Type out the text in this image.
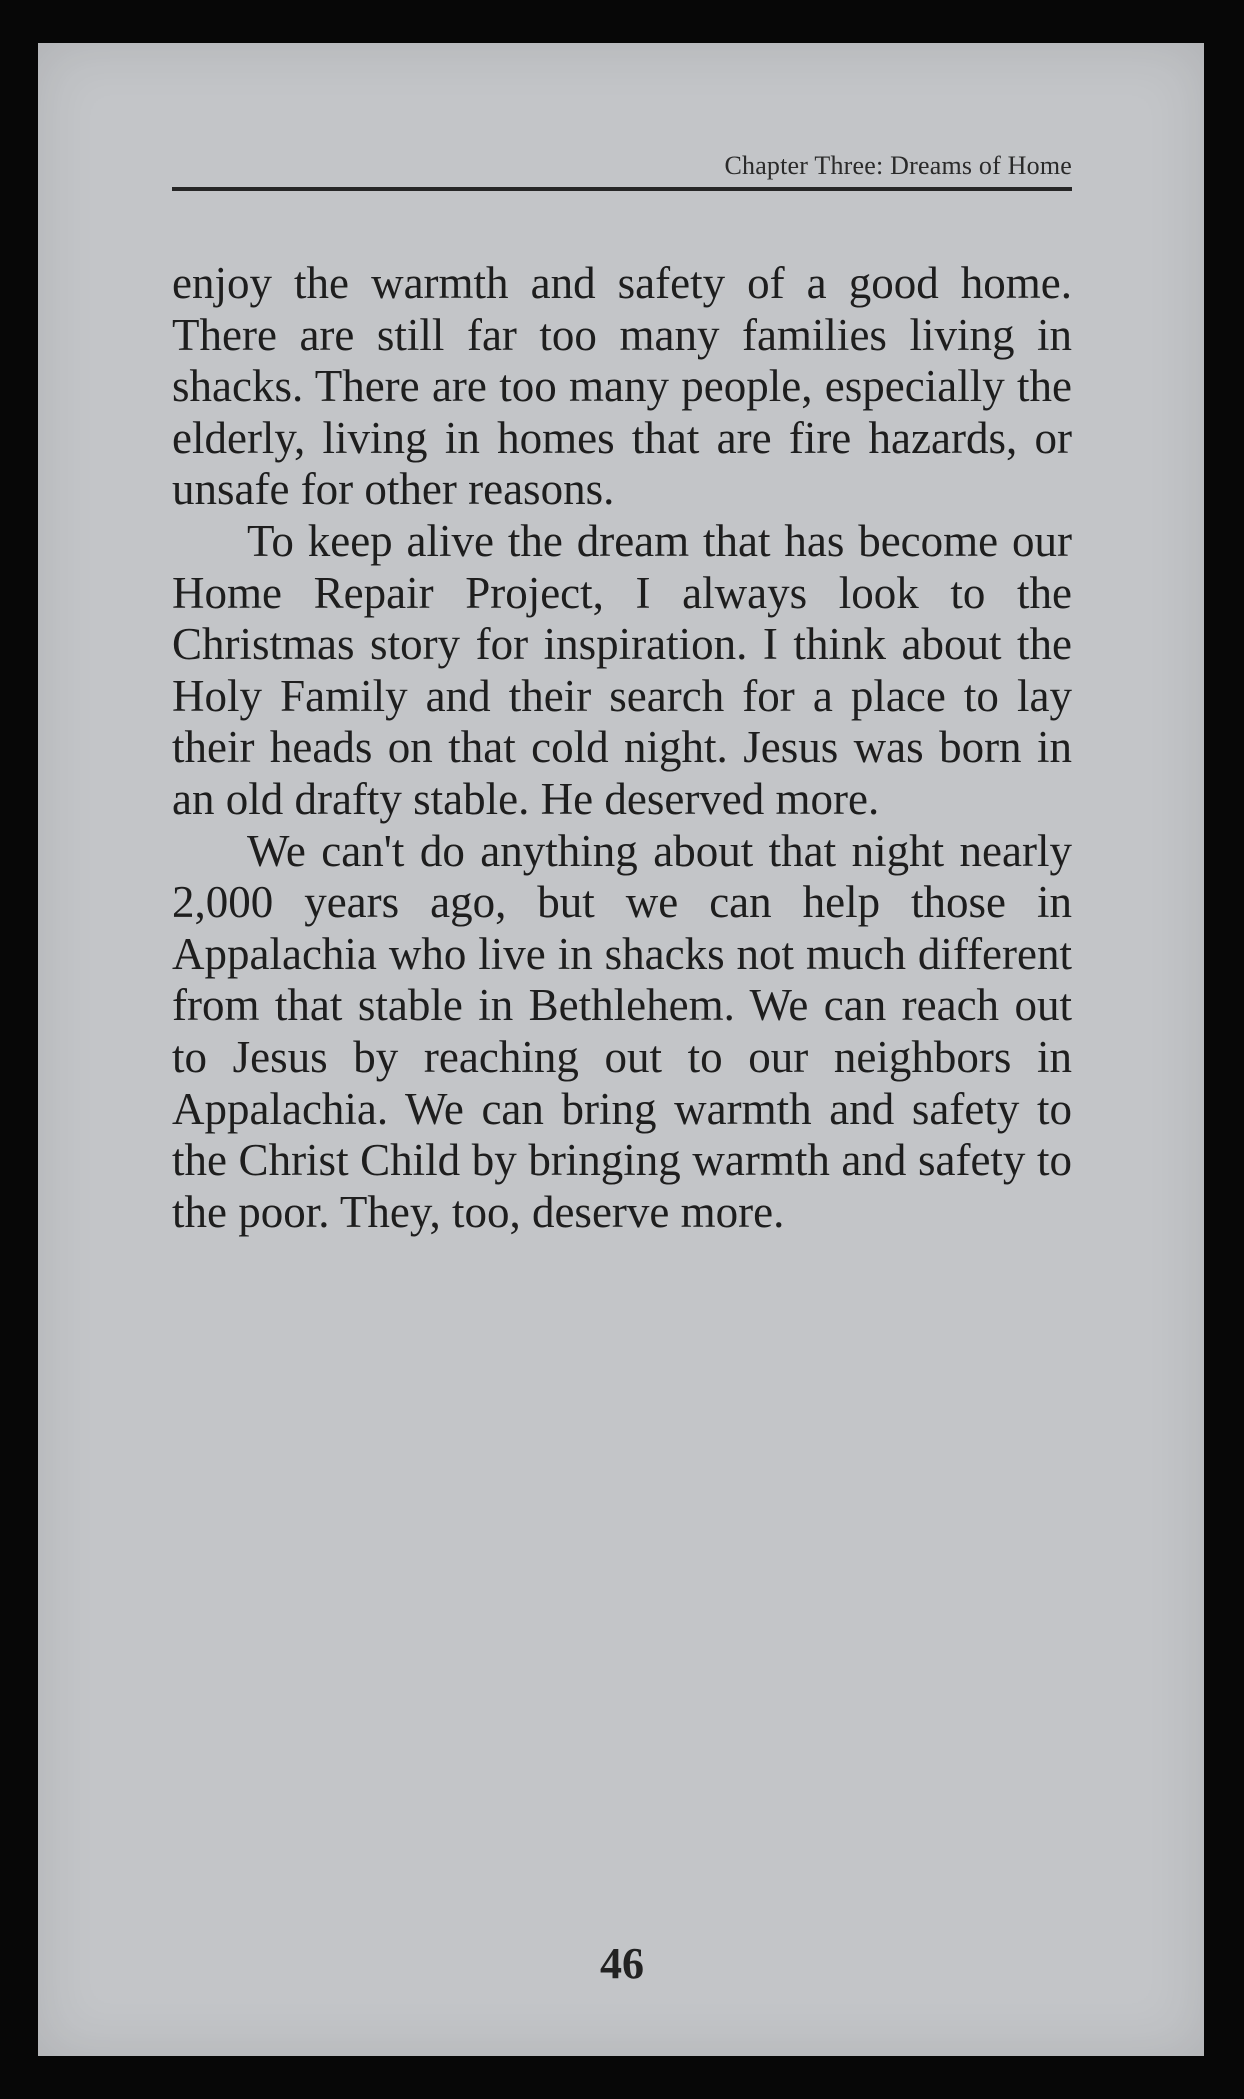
Chapter Three: Dreams of Home

enjoy the warmth and safety of a good home. There are still far too many families living in shacks. There are too many people, especially the elderly, living in homes that are fire hazards, or unsafe for other reasons.

To keep alive the dream that has become our Home Repair Project, I always look to the Christmas story for inspiration. I think about the Holy Family and their search for a place to lay their heads on that cold night. Jesus was born in an old drafty stable. He deserved more.

We can't do anything about that night nearly 2,000 years ago, but we can help those in Appalachia who live in shacks not much different from that stable in Bethlehem. We can reach out to Jesus by reaching out to our neighbors in Appalachia. We can bring warmth and safety to the Christ Child by bringing warmth and safety to the poor. They, too, deserve more.

46
